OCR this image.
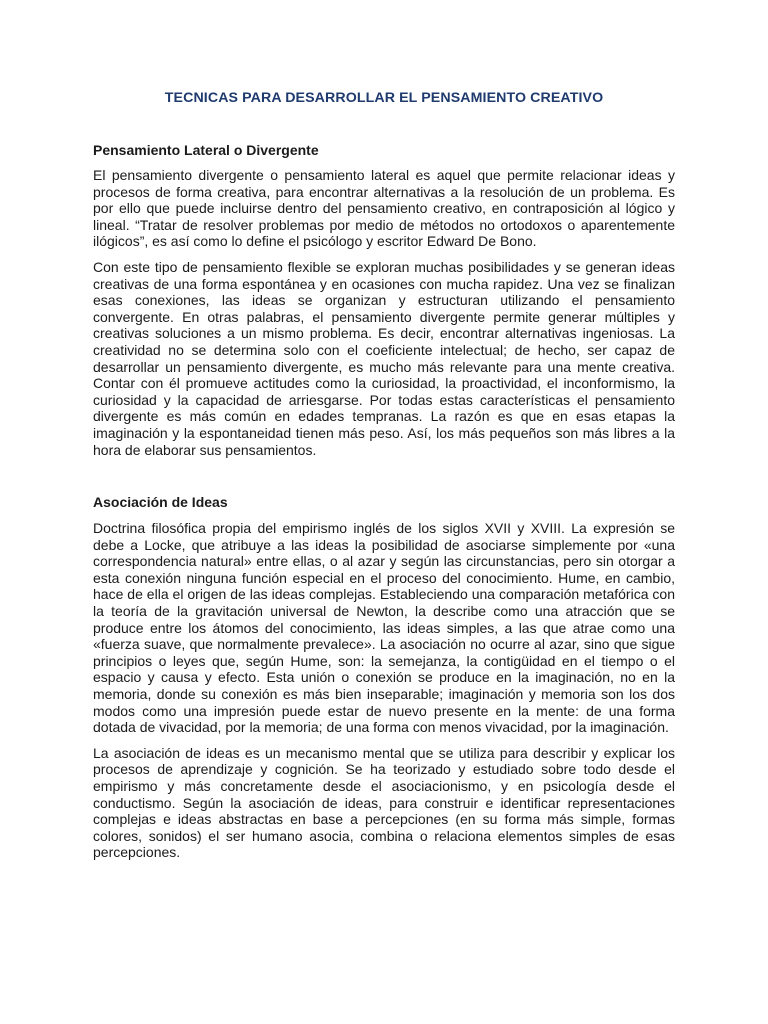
TECNICAS PARA DESARROLLAR EL PENSAMIENTO CREATIVO
Pensamiento Lateral o Divergente

El pensamiento divergente o pensamiento lateral es aquel que permite relacionar ideas y procesos de forma creativa, para encontrar alternativas a la resolución de un problema. Es por ello que puede incluirse dentro del pensamiento creativo, en contraposición al lógico y lineal. “Tratar de resolver problemas por medio de métodos no ortodoxos o aparentemente ilógicos”, es así como lo define el psicólogo y escritor Edward De Bono.

Con este tipo de pensamiento flexible se exploran muchas posibilidades y se generan ideas creativas de una forma espontánea y en ocasiones con mucha rapidez. Una vez se finalizan esas conexiones, las ideas se organizan y estructuran utilizando el pensamiento convergente. En otras palabras, el pensamiento divergente permite generar múltiples y creativas soluciones a un mismo problema. Es decir, encontrar alternativas ingeniosas. La creatividad no se determina solo con el coeficiente intelectual; de hecho, ser capaz de desarrollar un pensamiento divergente, es mucho más relevante para una mente creativa. Contar con él promueve actitudes como la curiosidad, la proactividad, el inconformismo, la curiosidad y la capacidad de arriesgarse. Por todas estas características el pensamiento divergente es más común en edades tempranas. La razón es que en esas etapas la imaginación y la espontaneidad tienen más peso. Así, los más pequeños son más libres a la hora de elaborar sus pensamientos.

Asociación de Ideas

Doctrina filosófica propia del empirismo inglés de los siglos XVII y XVIII. La expresión se debe a Locke, que atribuye a las ideas la posibilidad de asociarse simplemente por «una correspondencia natural» entre ellas, o al azar y según las circunstancias, pero sin otorgar a esta conexión ninguna función especial en el proceso del conocimiento. Hume, en cambio, hace de ella el origen de las ideas complejas. Estableciendo una comparación metafórica con la teoría de la gravitación universal de Newton, la describe como una atracción que se produce entre los átomos del conocimiento, las ideas simples, a las que atrae como una «fuerza suave, que normalmente prevalece». La asociación no ocurre al azar, sino que sigue principios o leyes que, según Hume, son: la semejanza, la contigüidad en el tiempo o el espacio y causa y efecto. Esta unión o conexión se produce en la imaginación, no en la memoria, donde su conexión es más bien inseparable; imaginación y memoria son los dos modos como una impresión puede estar de nuevo presente en la mente: de una forma dotada de vivacidad, por la memoria; de una forma con menos vivacidad, por la imaginación.

La asociación de ideas es un mecanismo mental que se utiliza para describir y explicar los procesos de aprendizaje y cognición. Se ha teorizado y estudiado sobre todo desde el empirismo y más concretamente desde el asociacionismo, y en psicología desde el conductismo. Según la asociación de ideas, para construir e identificar representaciones complejas e ideas abstractas en base a percepciones (en su forma más simple, formas colores, sonidos) el ser humano asocia, combina o relaciona elementos simples de esas percepciones.
